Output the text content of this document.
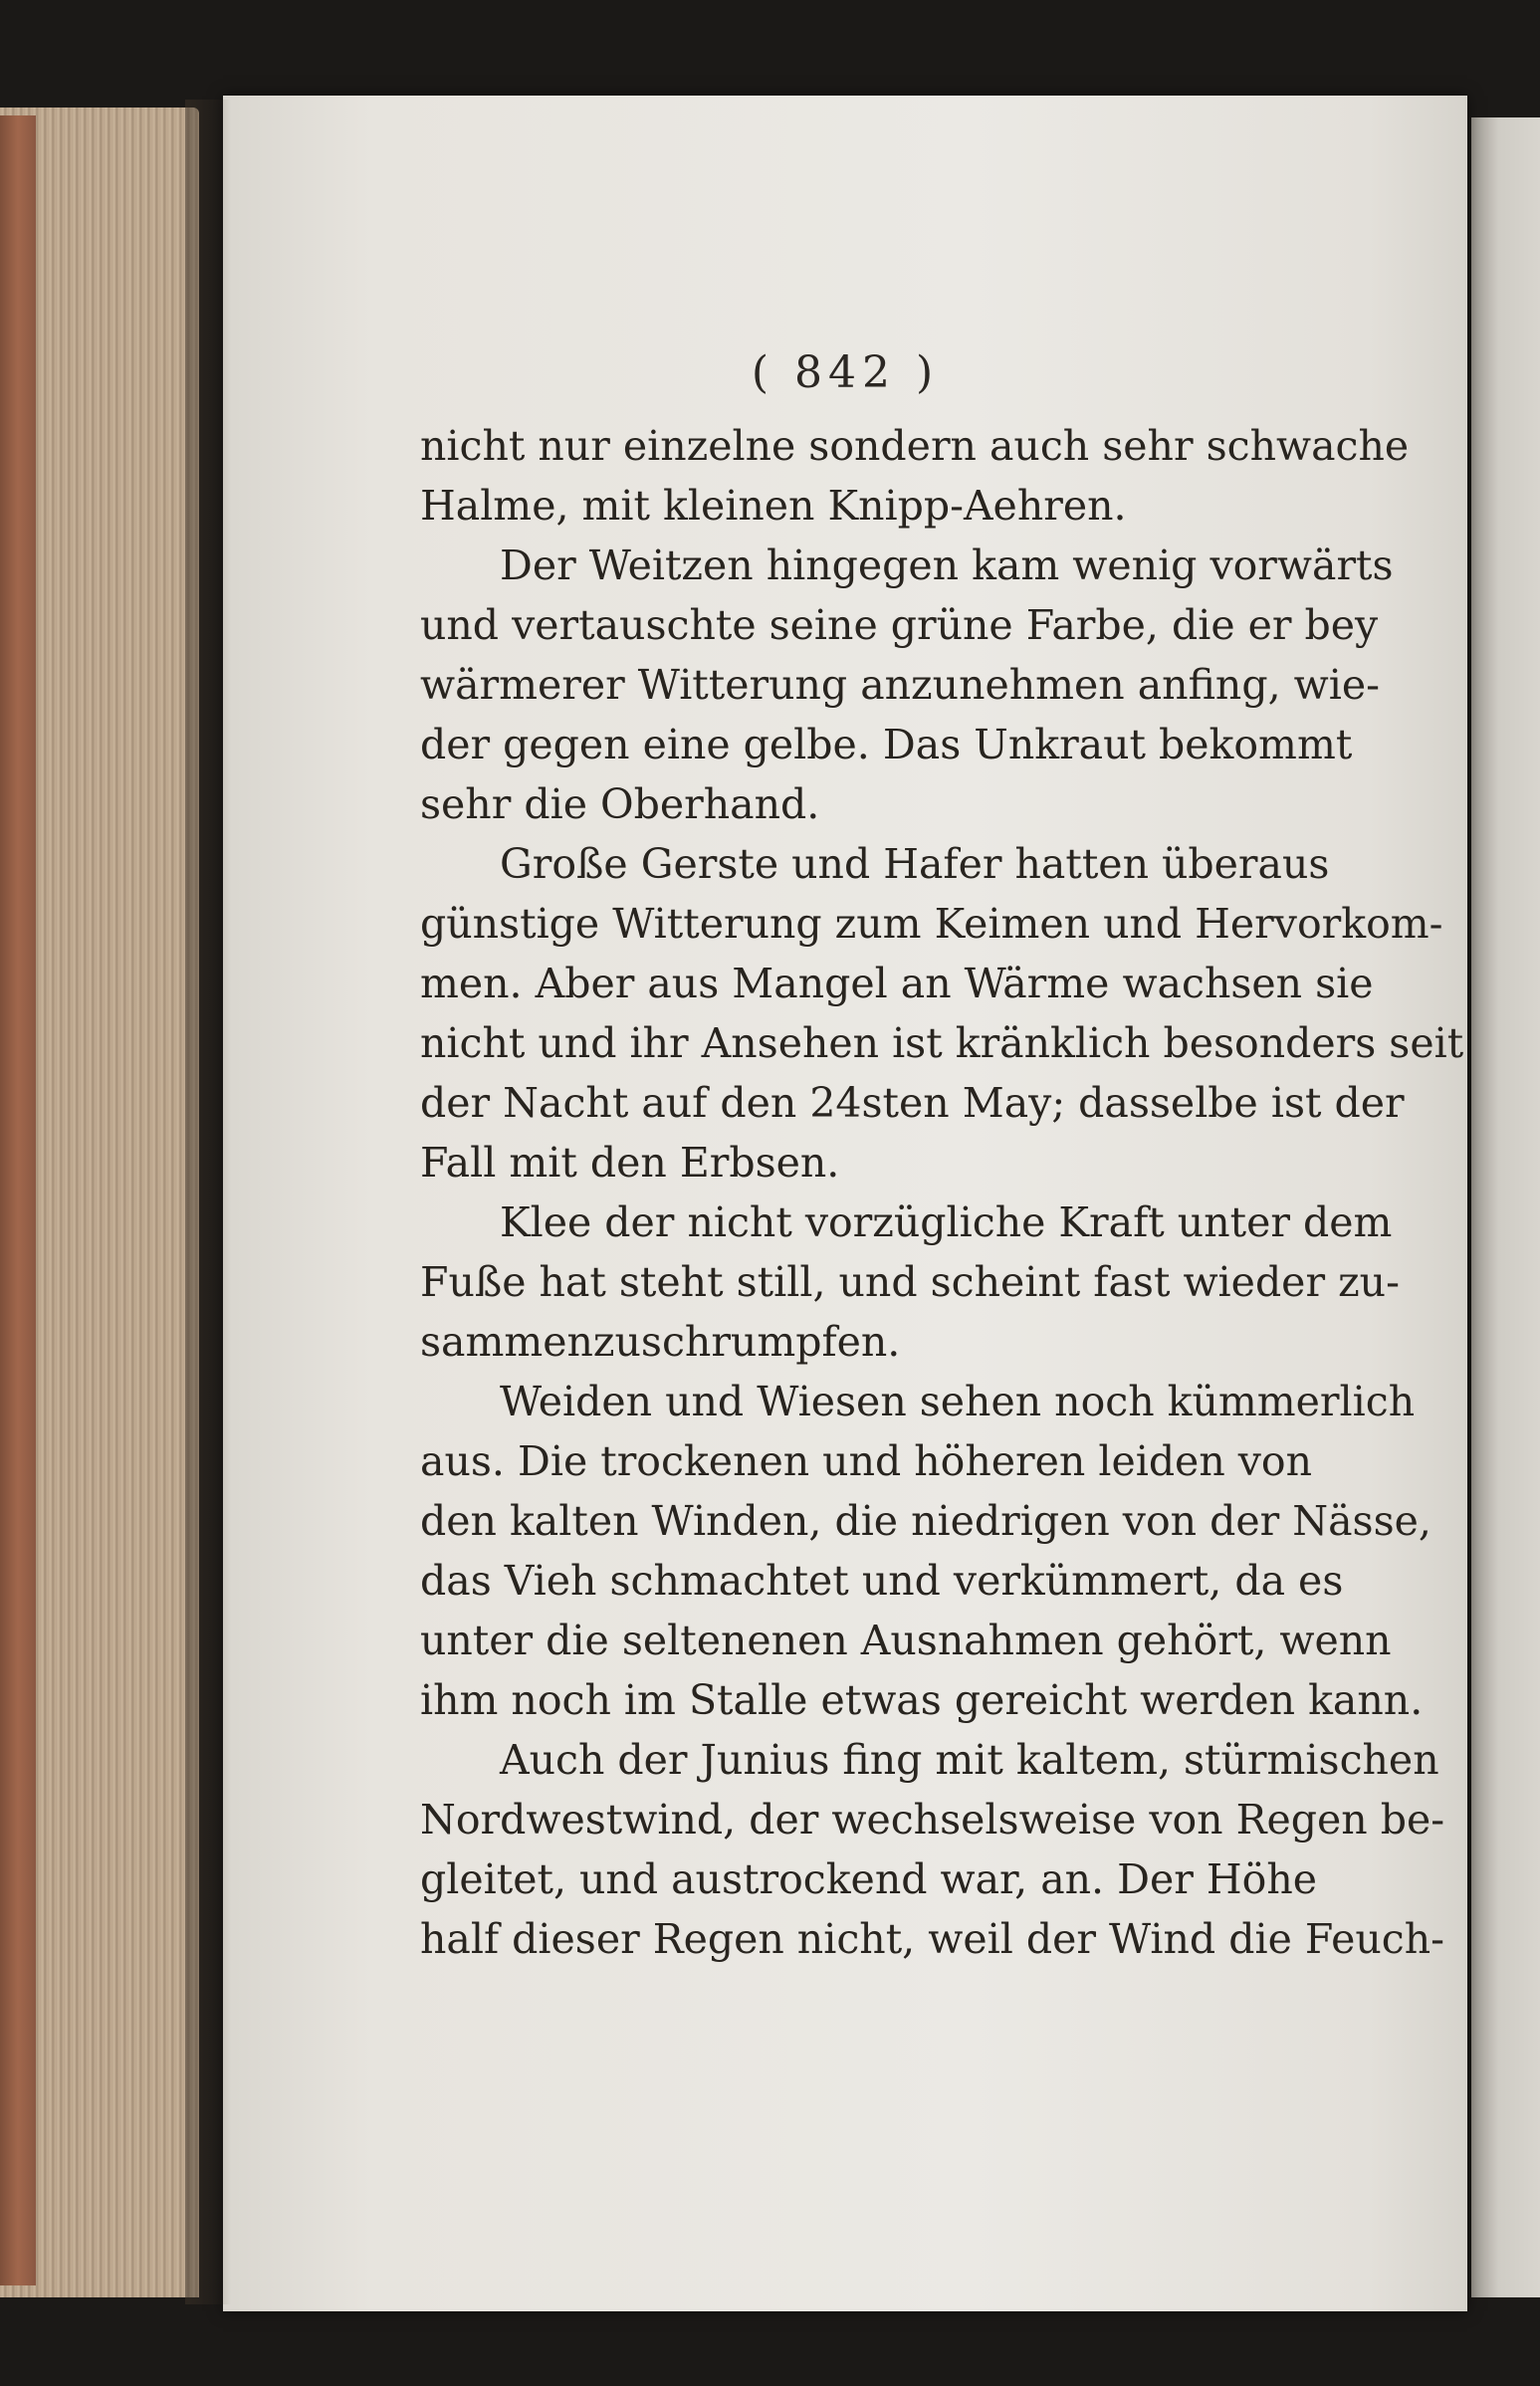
( 842 )
nicht nur einzelne sondern auch sehr schwache
Halme, mit kleinen Knipp-Aehren.
Der Weitzen hingegen kam wenig vorwärts
und vertauschte seine grüne Farbe, die er bey
wärmerer Witterung anzunehmen anfing, wie-
der gegen eine gelbe. Das Unkraut bekommt
sehr die Oberhand.
Große Gerste und Hafer hatten überaus
günstige Witterung zum Keimen und Hervorkom-
men. Aber aus Mangel an Wärme wachsen sie
nicht und ihr Ansehen ist kränklich besonders seit
der Nacht auf den 24sten May; dasselbe ist der
Fall mit den Erbsen.
Klee der nicht vorzügliche Kraft unter dem
Fuße hat steht still, und scheint fast wieder zu-
sammenzuschrumpfen.
Weiden und Wiesen sehen noch kümmerlich
aus. Die trockenen und höheren leiden von
den kalten Winden, die niedrigen von der Nässe,
das Vieh schmachtet und verkümmert, da es
unter die seltenenen Ausnahmen gehört, wenn
ihm noch im Stalle etwas gereicht werden kann.
Auch der Junius fing mit kaltem, stürmischen
Nordwestwind, der wechselsweise von Regen be-
gleitet, und austrockend war, an. Der Höhe
half dieser Regen nicht, weil der Wind die Feuch-
